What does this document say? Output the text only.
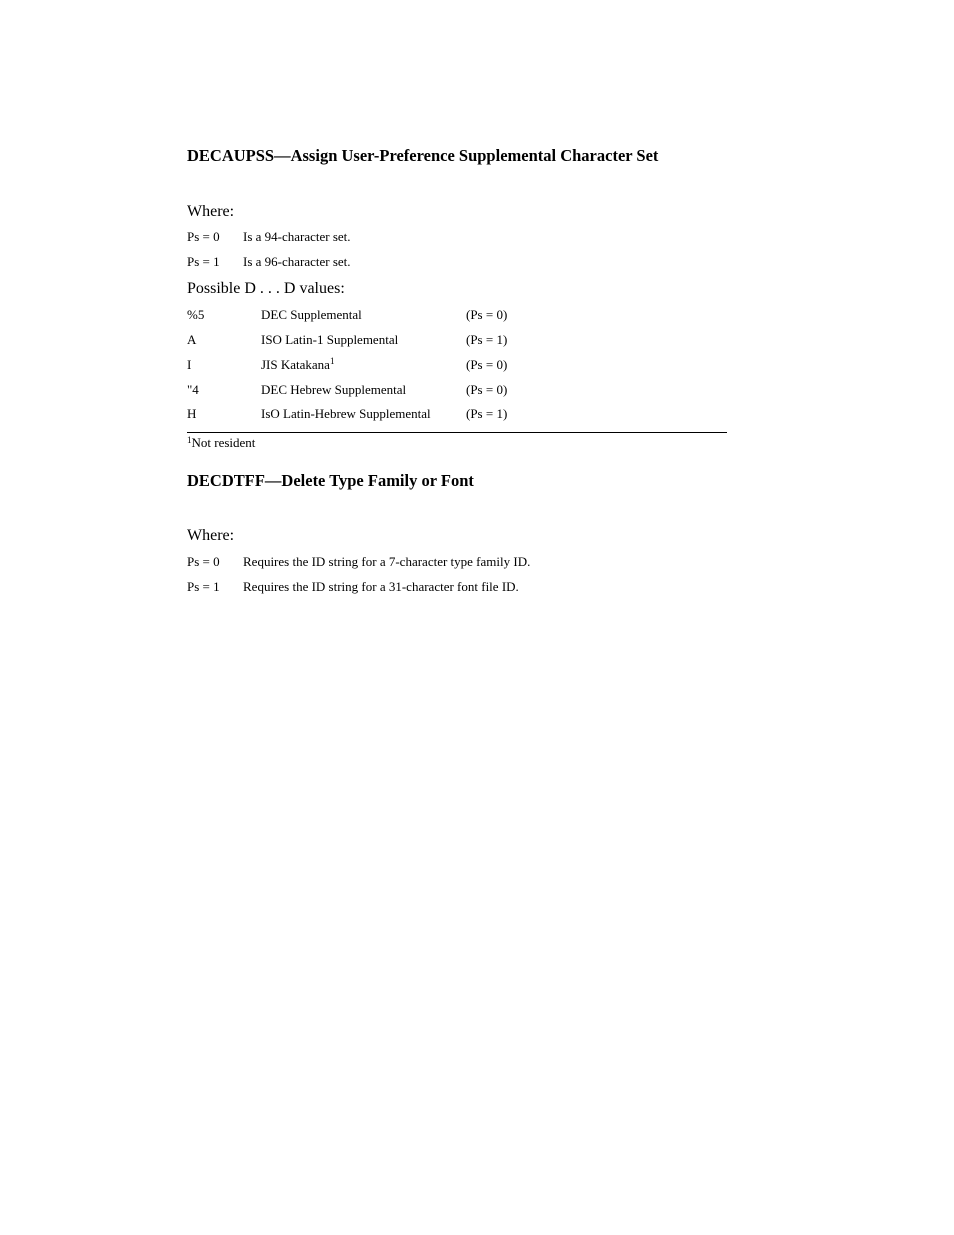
DECAUPSS—Assign User-Preference Supplemental Character Set
Where:
Ps = 0 Is a 94-character set.
Ps = 1 Is a 96-character set.
Possible D . . . D values:
%5	DEC Supplemental	(Ps = 0)
A	ISO Latin-1 Supplemental	(Ps = 1)
I	JIS Katakana$^1$	(Ps = 0)
"4	DEC Hebrew Supplemental	(Ps = 0)
H	IsO Latin-Hebrew Supplemental	(Ps = 1)
$^1$Not resident
DECDTFF—Delete Type Family or Font
Where:
Ps = 0 Requires the ID string for a 7-character type family ID.
Ps = 1 Requires the ID string for a 31-character font file ID.
